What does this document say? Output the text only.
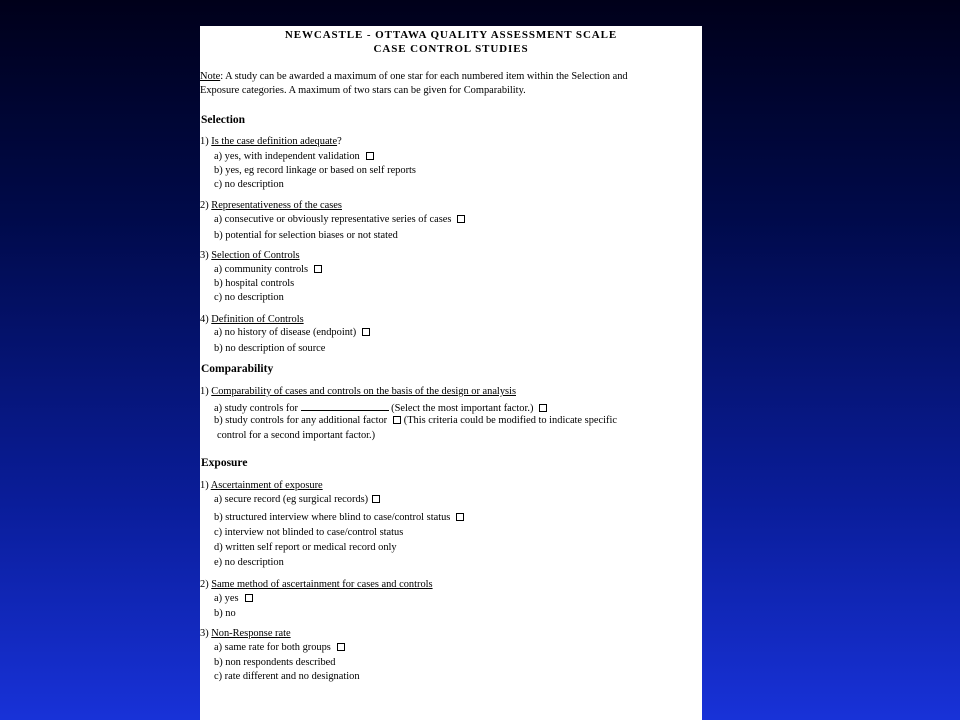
NEWCASTLE - OTTAWA QUALITY ASSESSMENT SCALE
CASE CONTROL STUDIES
Note: A study can be awarded a maximum of one star for each numbered item within the Selection and
Exposure categories. A maximum of two stars can be given for Comparability.
Selection
1) Is the case definition adequate?
a) yes, with independent validation
b) yes, eg record linkage or based on self reports
c) no description
2) Representativeness of the cases
a) consecutive or obviously representative series of cases
b) potential for selection biases or not stated
3) Selection of Controls
a) community controls
b) hospital controls
c) no description
4) Definition of Controls
a) no history of disease (endpoint)
b) no description of source
Comparability
1) Comparability of cases and controls on the basis of the design or analysis
a) study controls for	(Select the most important factor.)
b) study controls for any additional factor (This criteria could be modified to indicate specific
control for a second important factor.)
Exposure
1) Ascertainment of exposure
a) secure record (eg surgical records)
b) structured interview where blind to case/control status
c) interview not blinded to case/control status
d) written self report or medical record only
e) no description
2) Same method of ascertainment for cases and controls
a) yes
b) no
3) Non-Response rate
a) same rate for both groups
b) non respondents described
c) rate different and no designation
